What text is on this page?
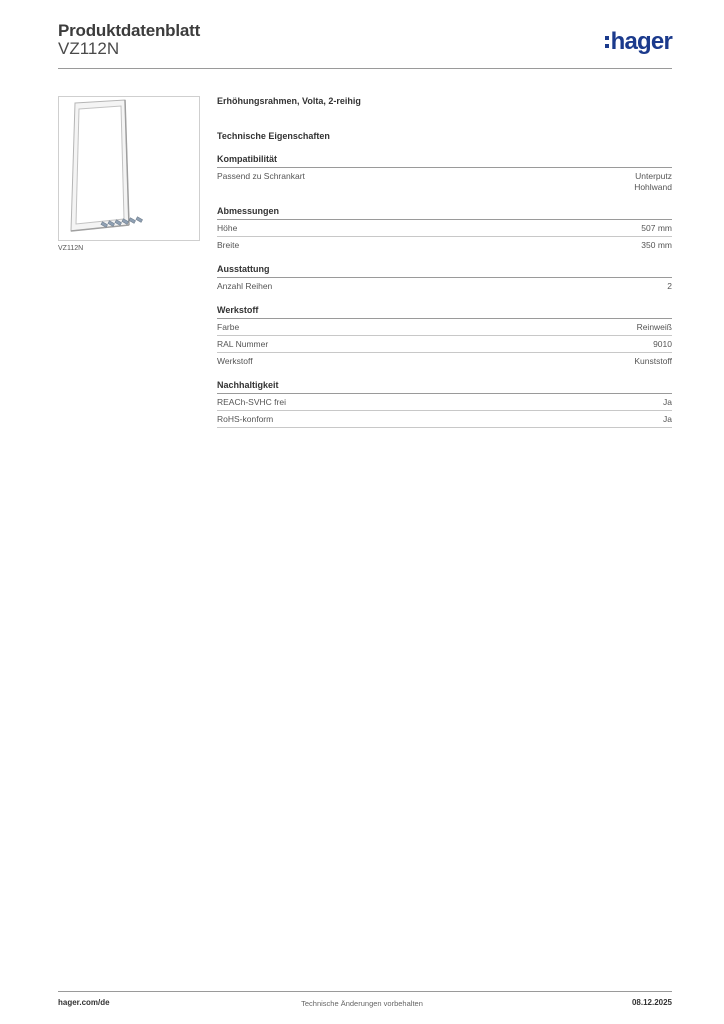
Produktdatenblatt
VZ112N	hager
VZ112N
Erhöhungsrahmen, Volta, 2-reihig
Technische Eigenschaften
Kompatibilität
Passend zu Schrankart	Unterputz
Hohlwand
Abmessungen
Höhe	507 mm
Breite	350 mm
Ausstattung
Anzahl Reihen	2
Werkstoff
Farbe	Reinweiß
RAL Nummer	9010
Werkstoff	Kunststoff
Nachhaltigkeit
REACh-SVHC frei	Ja
RoHS-konform	Ja
hager.com/de	Technische Änderungen vorbehalten	08.12.2025
